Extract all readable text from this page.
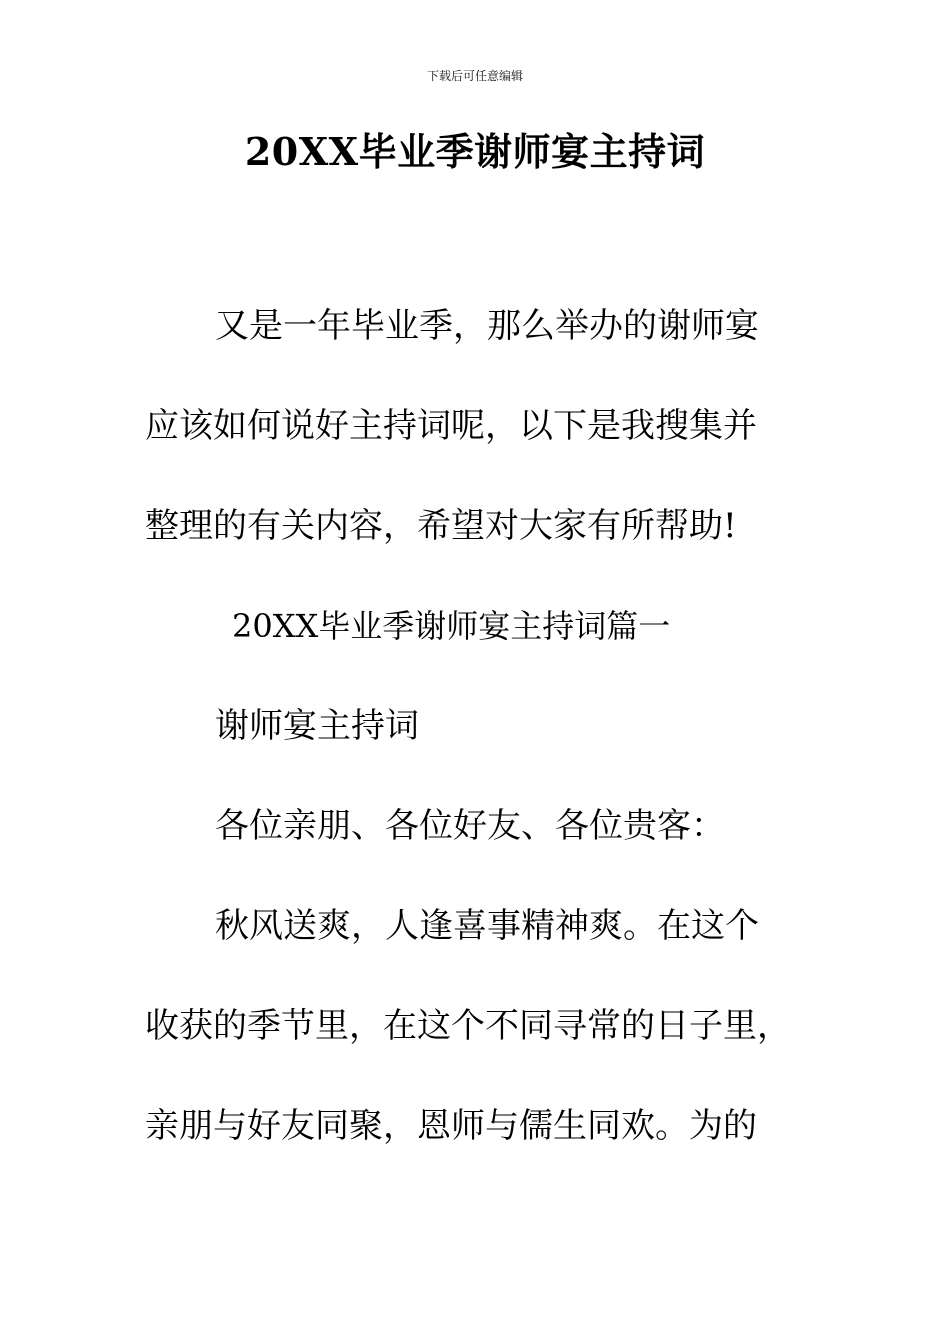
下载后可任意编辑
20XX毕业季谢师宴主持词
又是一年毕业季，那么举办的谢师宴
应该如何说好主持词呢，以下是我搜集并
整理的有关内容，希望对大家有所帮助!
20XX毕业季谢师宴主持词篇一
谢师宴主持词
各位亲朋、各位好友、各位贵客：
秋风送爽，人逢喜事精神爽。在这个
收获的季节里，在这个不同寻常的日子里，
亲朋与好友同聚，恩师与儒生同欢。为的
